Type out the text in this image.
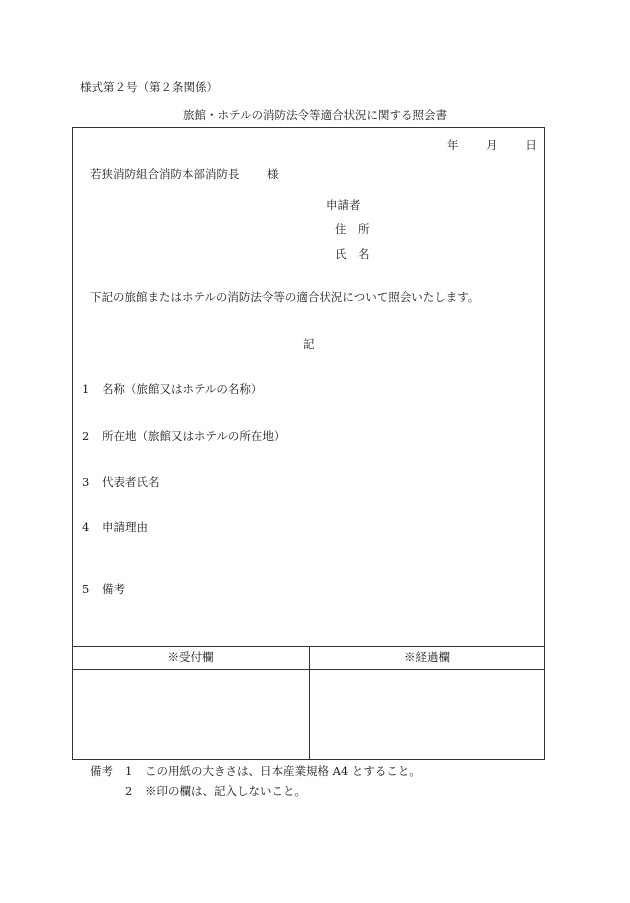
様式第２号（第２条関係）
旅館・ホテルの消防法令等適合状況に関する照会書
年 月 日
若狭消防組合消防本部消防長 様
申請者
住　所
氏　名
下記の旅館またはホテルの消防法令等の適合状況について照会いたします。
記
1 名称（旅館又はホテルの名称）
2 所在地（旅館又はホテルの所在地）
3 代表者氏名
4 申請理由
5 備考
※受付欄	※経過欄
備考 1 この用紙の大きさは、日本産業規格 A4 とすること。
2 ※印の欄は、記入しないこと。
